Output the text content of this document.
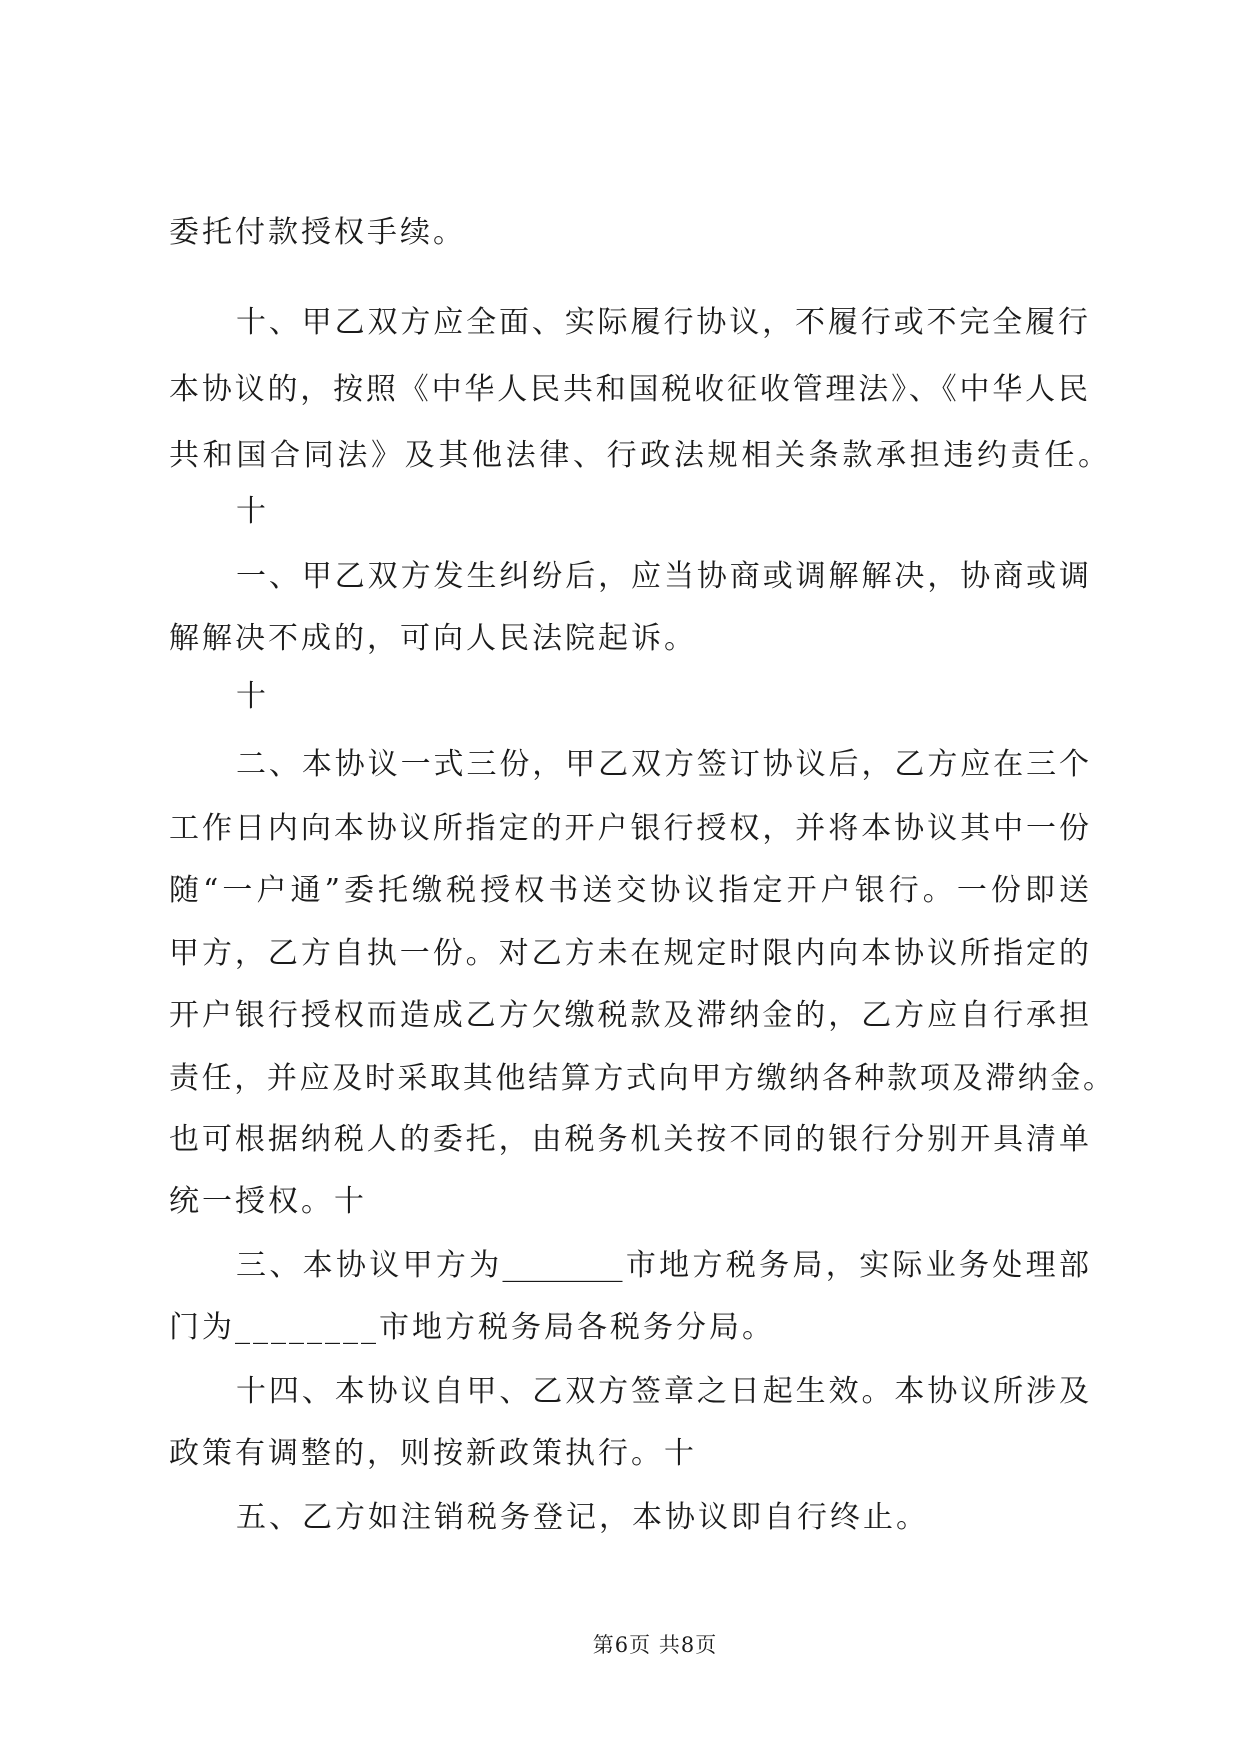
委托付款授权手续。
十、甲乙双方应全面、实际履行协议，不履行或不完全履行
本协议的，按照《中华人民共和国税收征收管理法》、《中华人民
共和国合同法》及其他法律、行政法规相关条款承担违约责任。
十
一、甲乙双方发生纠纷后，应当协商或调解解决，协商或调
解解决不成的，可向人民法院起诉。
十
二、本协议一式三份，甲乙双方签订协议后，乙方应在三个
工作日内向本协议所指定的开户银行授权，并将本协议其中一份
随“一户通”委托缴税授权书送交协议指定开户银行。一份即送
甲方，乙方自执一份。对乙方未在规定时限内向本协议所指定的
开户银行授权而造成乙方欠缴税款及滞纳金的，乙方应自行承担
责任，并应及时采取其他结算方式向甲方缴纳各种款项及滞纳金。
也可根据纳税人的委托，由税务机关按不同的银行分别开具清单
统一授权。十
三、本协议甲方为________市地方税务局，实际业务处理部
门为________市地方税务局各税务分局。
十四、本协议自甲、乙双方签章之日起生效。本协议所涉及
政策有调整的，则按新政策执行。十
五、乙方如注销税务登记，本协议即自行终止。
第6页 共8页
